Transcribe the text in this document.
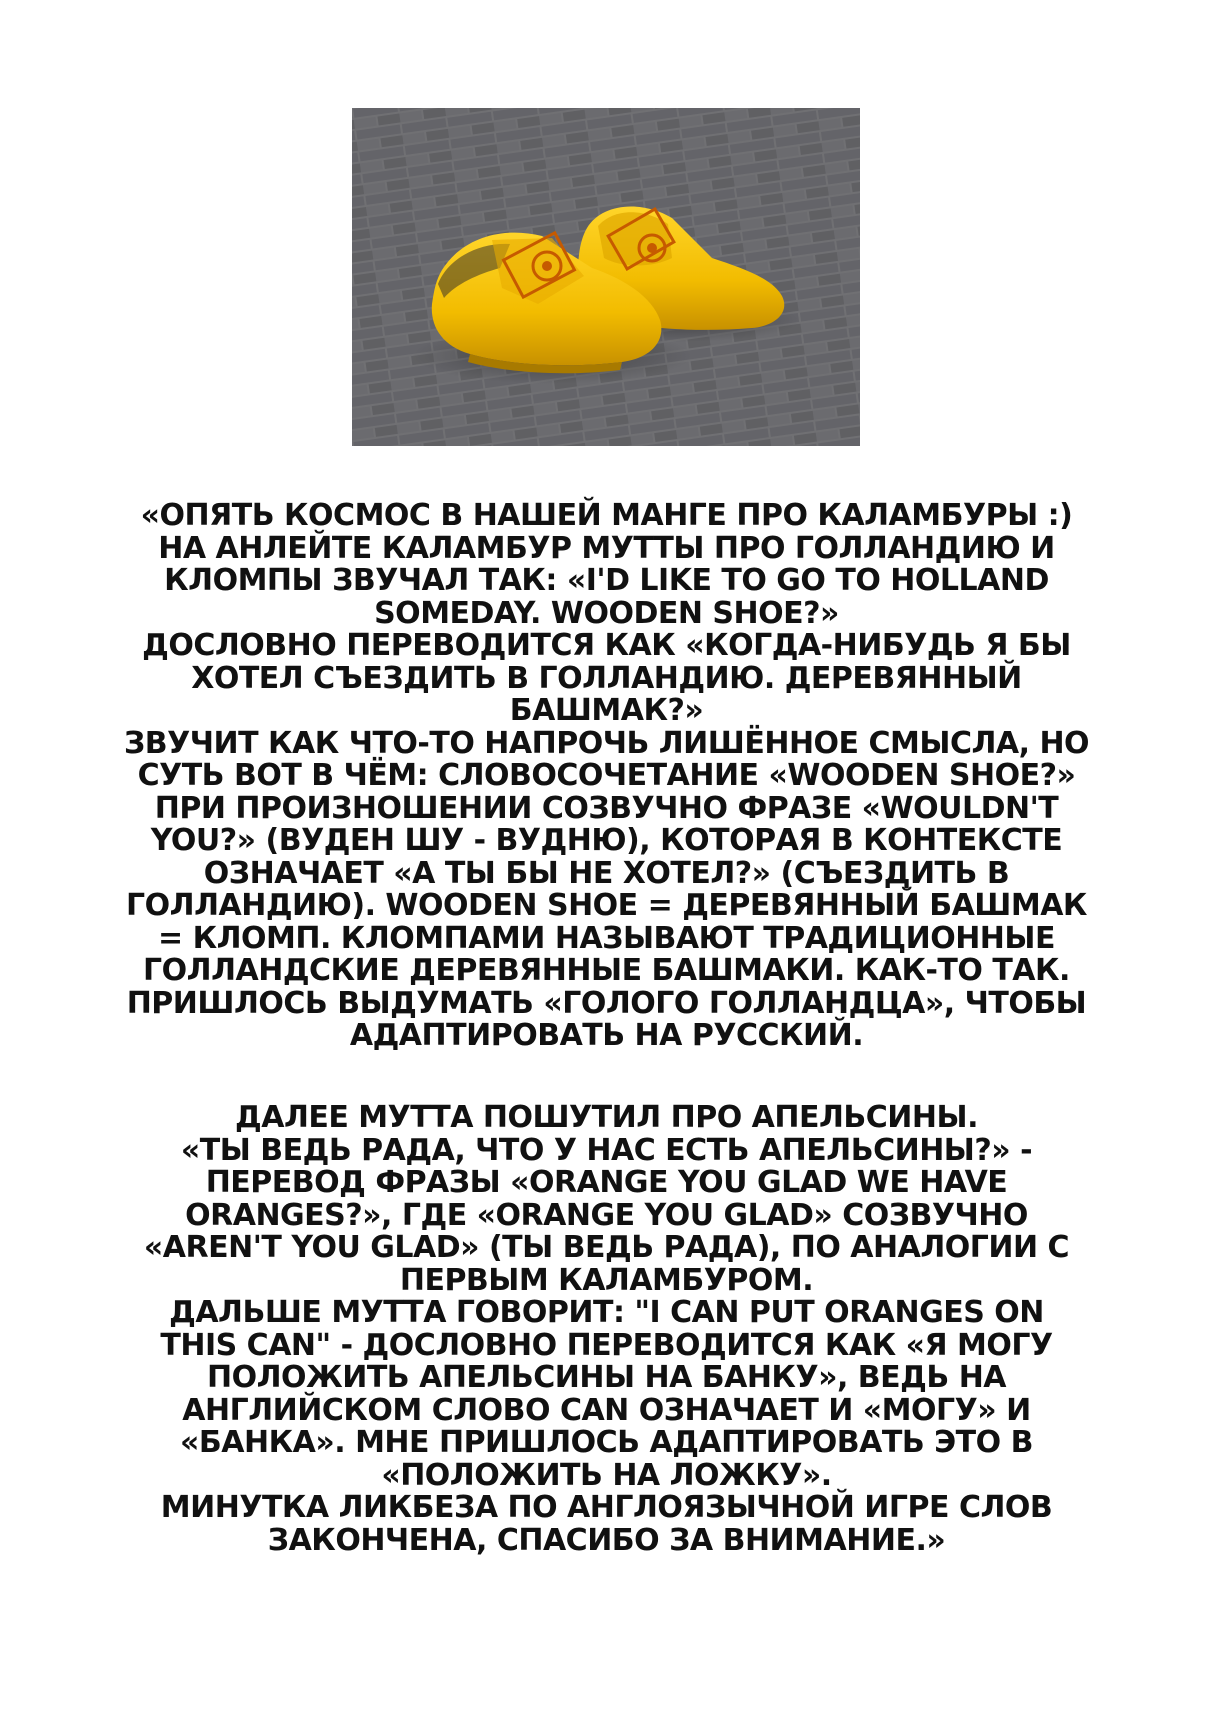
«ОПЯТЬ КОСМОС В НАШЕЙ МАНГЕ ПРО КАЛАМБУРЫ :)
НА АНЛЕЙТЕ КАЛАМБУР МУТТЫ ПРО ГОЛЛАНДИЮ И
КЛОМПЫ ЗВУЧАЛ ТАК: «I'D LIKE TO GO TO HOLLAND
SOMEDAY. WOODEN SHOE?»
ДОСЛОВНО ПЕРЕВОДИТСЯ КАК «КОГДА-НИБУДЬ Я БЫ
ХОТЕЛ СЪЕЗДИТЬ В ГОЛЛАНДИЮ. ДЕРЕВЯННЫЙ
БАШМАК?»
ЗВУЧИТ КАК ЧТО-ТО НАПРОЧЬ ЛИШЁННОЕ СМЫСЛА, НО
СУТЬ ВОТ В ЧЁМ: СЛОВОСОЧЕТАНИЕ «WOODEN SHOE?»
ПРИ ПРОИЗНОШЕНИИ СОЗВУЧНО ФРАЗЕ «WOULDN'T
YOU?» (ВУДЕН ШУ - ВУДНЮ), КОТОРАЯ В КОНТЕКСТЕ
ОЗНАЧАЕТ «А ТЫ БЫ НЕ ХОТЕЛ?» (СЪЕЗДИТЬ В
ГОЛЛАНДИЮ). WOODEN SHOE = ДЕРЕВЯННЫЙ БАШМАК
= КЛОМП. КЛОМПАМИ НАЗЫВАЮТ ТРАДИЦИОННЫЕ
ГОЛЛАНДСКИЕ ДЕРЕВЯННЫЕ БАШМАКИ. КАК-ТО ТАК.
ПРИШЛОСЬ ВЫДУМАТЬ «ГОЛОГО ГОЛЛАНДЦА», ЧТОБЫ
АДАПТИРОВАТЬ НА РУССКИЙ.
ДАЛЕЕ МУТТА ПОШУТИЛ ПРО АПЕЛЬСИНЫ.
«ТЫ ВЕДЬ РАДА, ЧТО У НАС ЕСТЬ АПЕЛЬСИНЫ?» -
ПЕРЕВОД ФРАЗЫ «ORANGE YOU GLAD WE HAVE
ORANGES?», ГДЕ «ORANGE YOU GLAD» СОЗВУЧНО
«AREN'T YOU GLAD» (ТЫ ВЕДЬ РАДА), ПО АНАЛОГИИ С
ПЕРВЫМ КАЛАМБУРОМ.
ДАЛЬШЕ МУТТА ГОВОРИТ: "I CAN PUT ORANGES ON
THIS CAN" - ДОСЛОВНО ПЕРЕВОДИТСЯ КАК «Я МОГУ
ПОЛОЖИТЬ АПЕЛЬСИНЫ НА БАНКУ», ВЕДЬ НА
АНГЛИЙСКОМ СЛОВО CAN ОЗНАЧАЕТ И «МОГУ» И
«БАНКА». МНЕ ПРИШЛОСЬ АДАПТИРОВАТЬ ЭТО В
«ПОЛОЖИТЬ НА ЛОЖКУ».
МИНУТКА ЛИКБЕЗА ПО АНГЛОЯЗЫЧНОЙ ИГРЕ СЛОВ
ЗАКОНЧЕНА, СПАСИБО ЗА ВНИМАНИЕ.»
